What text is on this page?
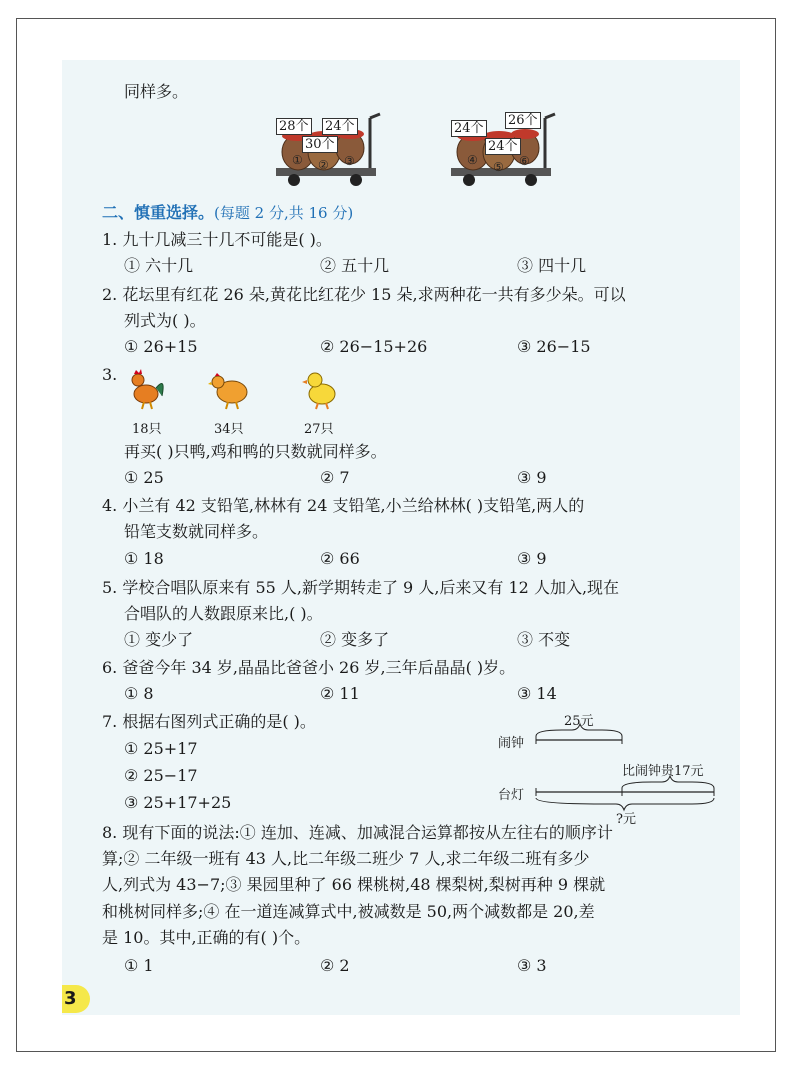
同样多。
28个 24个
30个
① ② ③
24个
26个
24个
④ ⑤ ⑥
二、慎重选择。(每题 2 分,共 16 分)
1. 九十几减三十几不可能是( )。
① 六十几	② 五十几	③ 四十几
2. 花坛里有红花 26 朵,黄花比红花少 15 朵,求两种花一共有多少朵。可以
列式为( )。
① 26+15	② 26−15+26	③ 26−15
3.
18只	34只	27只
再买( )只鸭,鸡和鸭的只数就同样多。
① 25	② 7	③ 9
4. 小兰有 42 支铅笔,林林有 24 支铅笔,小兰给林林( )支铅笔,两人的
铅笔支数就同样多。
① 18	② 66	③ 9
5. 学校合唱队原来有 55 人,新学期转走了 9 人,后来又有 12 人加入,现在
合唱队的人数跟原来比,( )。
① 变少了	② 变多了	③ 不变
6. 爸爸今年 34 岁,晶晶比爸爸小 26 岁,三年后晶晶( )岁。
① 8	② 11	③ 14
7. 根据右图列式正确的是( )。
① 25+17
② 25−17
③ 25+17+25
闹钟
25元
台灯
比闹钟贵17元
?元
8. 现有下面的说法:① 连加、连减、加减混合运算都按从左往右的顺序计
算;② 二年级一班有 43 人,比二年级二班少 7 人,求二年级二班有多少
人,列式为 43−7;③ 果园里种了 66 棵桃树,48 棵梨树,梨树再种 9 棵就
和桃树同样多;④ 在一道连减算式中,被减数是 50,两个减数都是 20,差
是 10。其中,正确的有( )个。
① 1	② 2	③ 3
3
